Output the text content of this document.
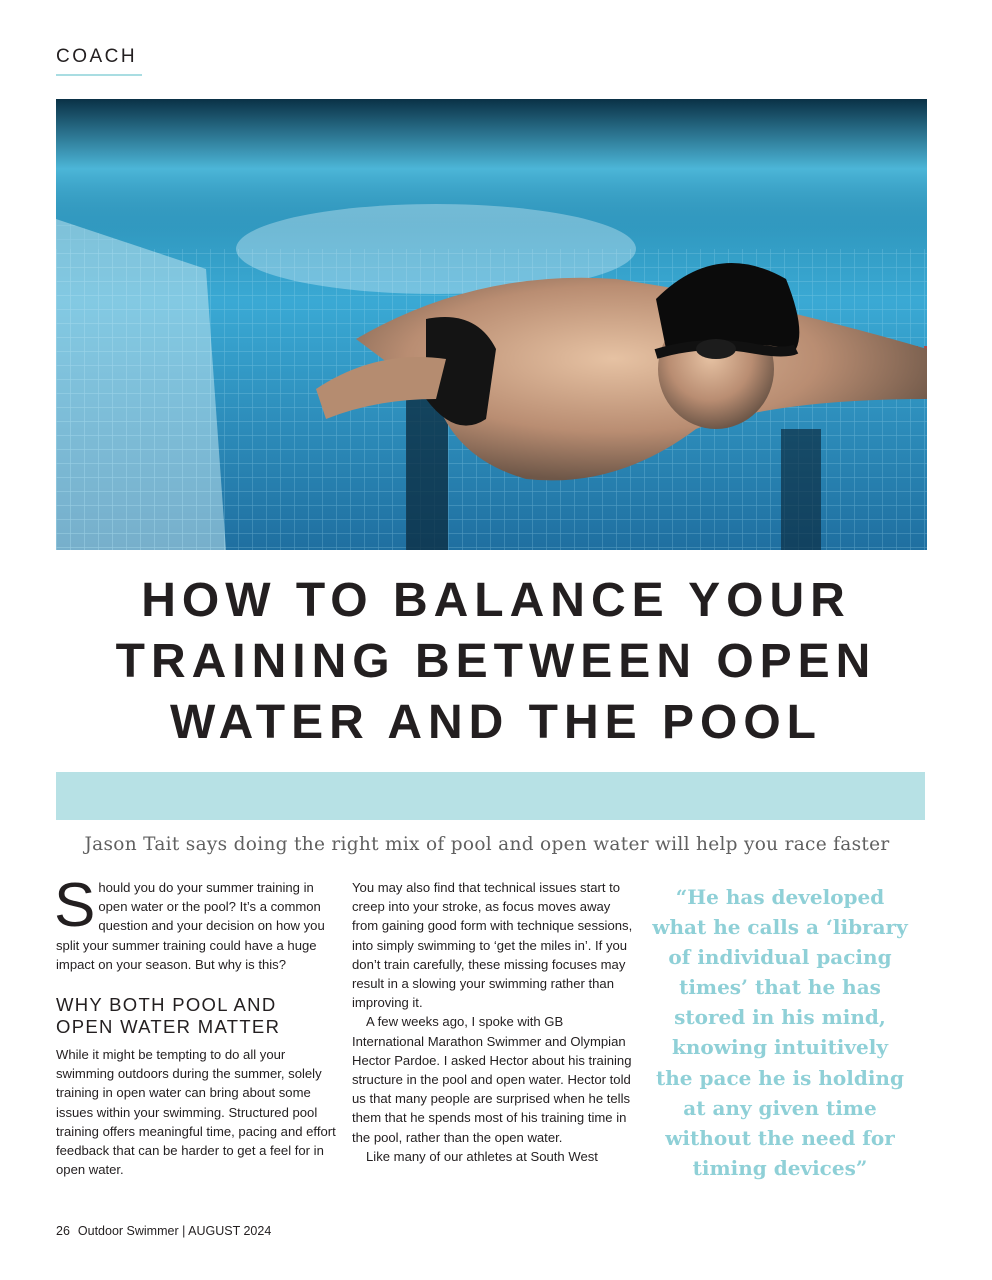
COACH
HOW TO BALANCE YOUR
TRAINING BETWEEN OPEN
WATER AND THE POOL
Jason Tait says doing the right mix of pool and open water will help you race faster

Should you do your summer training in open water or the pool? It’s a common question and your decision on how you split your summer training could have a huge impact on your season. But why is this?

WHY BOTH POOL AND OPEN WATER MATTER

While it might be tempting to do all your swimming outdoors during the summer, solely training in open water can bring about some issues within your swimming. Structured pool training offers meaningful time, pacing and effort feedback that can be harder to get a feel for in open water.

You may also find that technical issues start to creep into your stroke, as focus moves away from gaining good form with technique sessions, into simply swimming to ‘get the miles in’. If you don’t train carefully, these missing focuses may result in a slowing your swimming rather than improving it.

A few weeks ago, I spoke with GB International Marathon Swimmer and Olympian Hector Pardoe. I asked Hector about his training structure in the pool and open water. Hector told us that many people are surprised when he tells them that he spends most of his training time in the pool, rather than the open water.

Like many of our athletes at South West

“He has developed what he calls a ‘library of individual pacing times’ that he has stored in his mind, knowing intuitively the pace he is holding at any given time without the need for timing devices”
26 Outdoor Swimmer | AUGUST 2024
